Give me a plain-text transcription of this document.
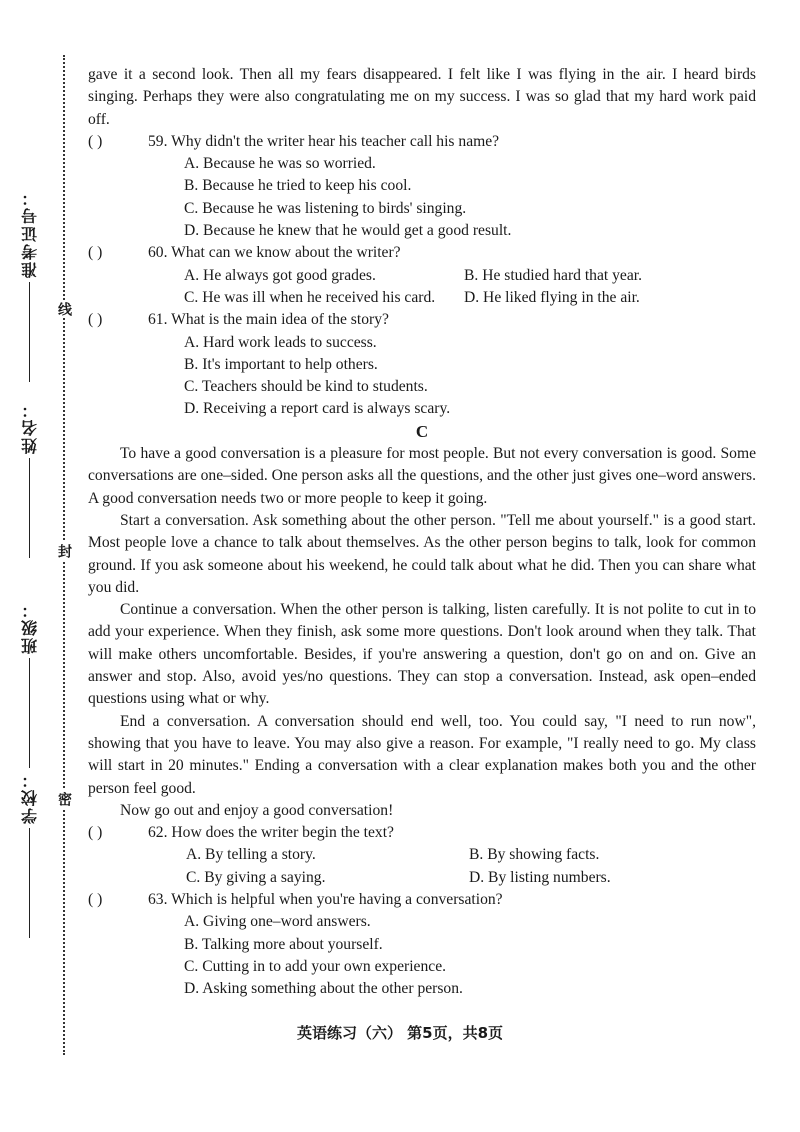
线
封
密
准考证号：
姓名：
班级：
学校：

gave it a second look. Then all my fears disappeared. I felt like I was flying in the air. I heard birds singing. Perhaps they were also congratulating me on my success. I was so glad that my hard work paid off.

( )	59. Why didn't the writer hear his teacher call his name?

A. Because he was so worried.

B. Because he tried to keep his cool.

C. Because he was listening to birds' singing.

D. Because he knew that he would get a good result.

( )	60. What can we know about the writer?

A. He always got good grades.	B. He studied hard that year.
C. He was ill when he received his card.	D. He liked flying in the air.

( )	61. What is the main idea of the story?

A. Hard work leads to success.

B. It's important to help others.

C. Teachers should be kind to students.

D. Receiving a report card is always scary.

C

To have a good conversation is a pleasure for most people. But not every conversation is good. Some conversations are one–sided. One person asks all the questions, and the other just gives one–word answers. A good conversation needs two or more people to keep it going.

Start a conversation. Ask something about the other person. "Tell me about yourself." is a good start. Most people love a chance to talk about themselves. As the other person begins to talk, look for common ground. If you ask someone about his weekend, he could talk about what he did. Then you can share what you did.

Continue a conversation. When the other person is talking, listen carefully. It is not polite to cut in to add your experience. When they finish, ask some more questions. Don't look around when they talk. That will make others uncomfortable. Besides, if you're answering a question, don't go on and on. Give an answer and stop. Also, avoid yes/no questions. They can stop a conversation. Instead, ask open–ended questions using what or why.

End a conversation. A conversation should end well, too. You could say, "I need to run now", showing that you have to leave. You may also give a reason. For example, "I really need to go. My class will start in 20 minutes." Ending a conversation with a clear explanation makes both you and the other person feel good.

Now go out and enjoy a good conversation!

( )	62. How does the writer begin the text?

A. By telling a story.	B. By showing facts.
C. By giving a saying.	D. By listing numbers.

( )	63. Which is helpful when you're having a conversation?

A. Giving one–word answers.

B. Talking more about yourself.

C. Cutting in to add your own experience.

D. Asking something about the other person.

英语练习（六） 第5页，共8页
